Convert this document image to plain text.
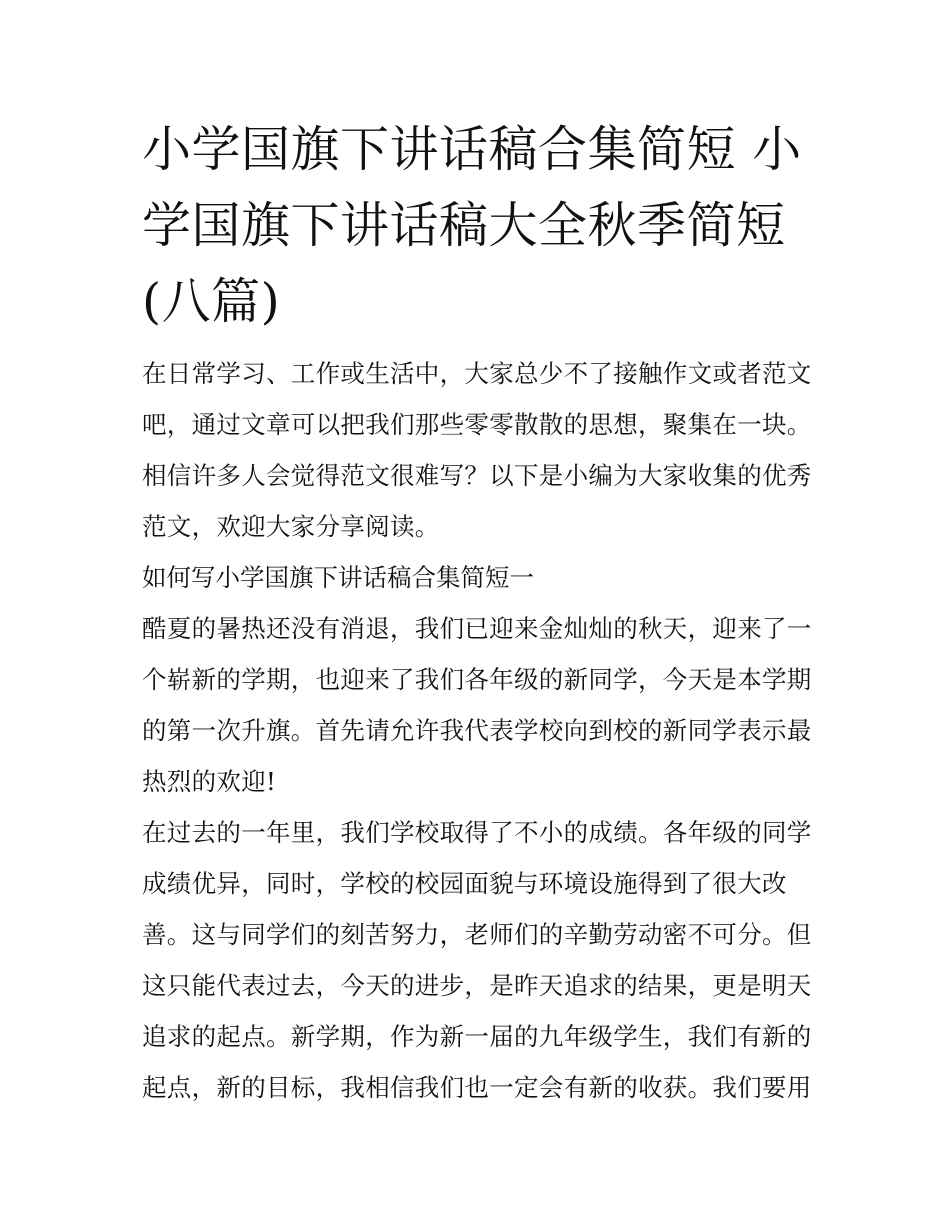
小学国旗下讲话稿合集简短 小
学国旗下讲话稿大全秋季简短
(八篇)

在日常学习、工作或生活中，大家总少不了接触作文或者范文
吧，通过文章可以把我们那些零零散散的思想，聚集在一块。
相信许多人会觉得范文很难写？以下是小编为大家收集的优秀
范文，欢迎大家分享阅读。

如何写小学国旗下讲话稿合集简短一

酷夏的暑热还没有消退，我们已迎来金灿灿的秋天，迎来了一
个崭新的学期，也迎来了我们各年级的新同学，今天是本学期
的第一次升旗。首先请允许我代表学校向到校的新同学表示最
热烈的欢迎!

在过去的一年里，我们学校取得了不小的成绩。各年级的同学
成绩优异，同时，学校的校园面貌与环境设施得到了很大改
善。这与同学们的刻苦努力，老师们的辛勤劳动密不可分。但
这只能代表过去，今天的进步，是昨天追求的结果，更是明天
追求的起点。新学期，作为新一届的九年级学生，我们有新的
起点，新的目标，我相信我们也一定会有新的收获。我们要用
